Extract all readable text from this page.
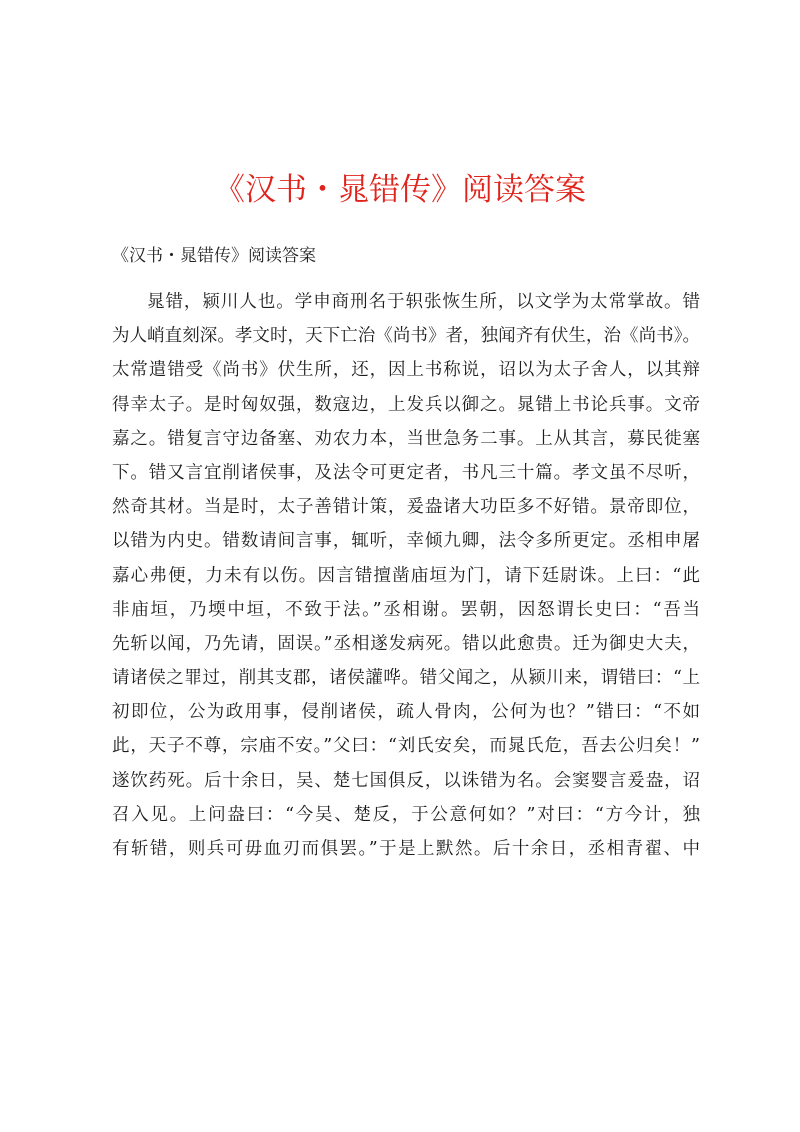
《汉书・晁错传》阅读答案
《汉书・晁错传》阅读答案
晁错，颍川人也。学申商刑名于轵张恢生所，以文学为太常掌故。错
为人峭直刻深。孝文时，天下亡治《尚书》者，独闻齐有伏生，治《尚书》。
太常遣错受《尚书》伏生所，还，因上书称说，诏以为太子舍人，以其辩
得幸太子。是时匈奴强，数寇边，上发兵以御之。晁错上书论兵事。文帝
嘉之。错复言守边备塞、劝农力本，当世急务二事。上从其言，募民徙塞
下。错又言宜削诸侯事，及法令可更定者，书凡三十篇。孝文虽不尽听，
然奇其材。当是时，太子善错计策，爰盎诸大功臣多不好错。景帝即位，
以错为内史。错数请间言事，辄听，幸倾九卿，法令多所更定。丞相申屠
嘉心弗便，力未有以伤。因言错擅凿庙垣为门，请下廷尉诛。上曰：“此
非庙垣，乃堧中垣，不致于法。”丞相谢。罢朝，因怒谓长史曰：“吾当
先斩以闻，乃先请，固误。”丞相遂发病死。错以此愈贵。迁为御史大夫，
请诸侯之罪过，削其支郡，诸侯讙哗。错父闻之，从颍川来，谓错曰：“上
初即位，公为政用事，侵削诸侯，疏人骨肉，公何为也？”错曰：“不如
此，天子不尊，宗庙不安。”父曰：“刘氏安矣，而晁氏危，吾去公归矣！”
遂饮药死。后十余日，吴、楚七国俱反，以诛错为名。会窦婴言爰盎，诏
召入见。上问盎曰：“今吴、楚反，于公意何如？”对曰：“方今计，独
有斩错，则兵可毋血刃而俱罢。”于是上默然。后十余日，丞相青翟、中
